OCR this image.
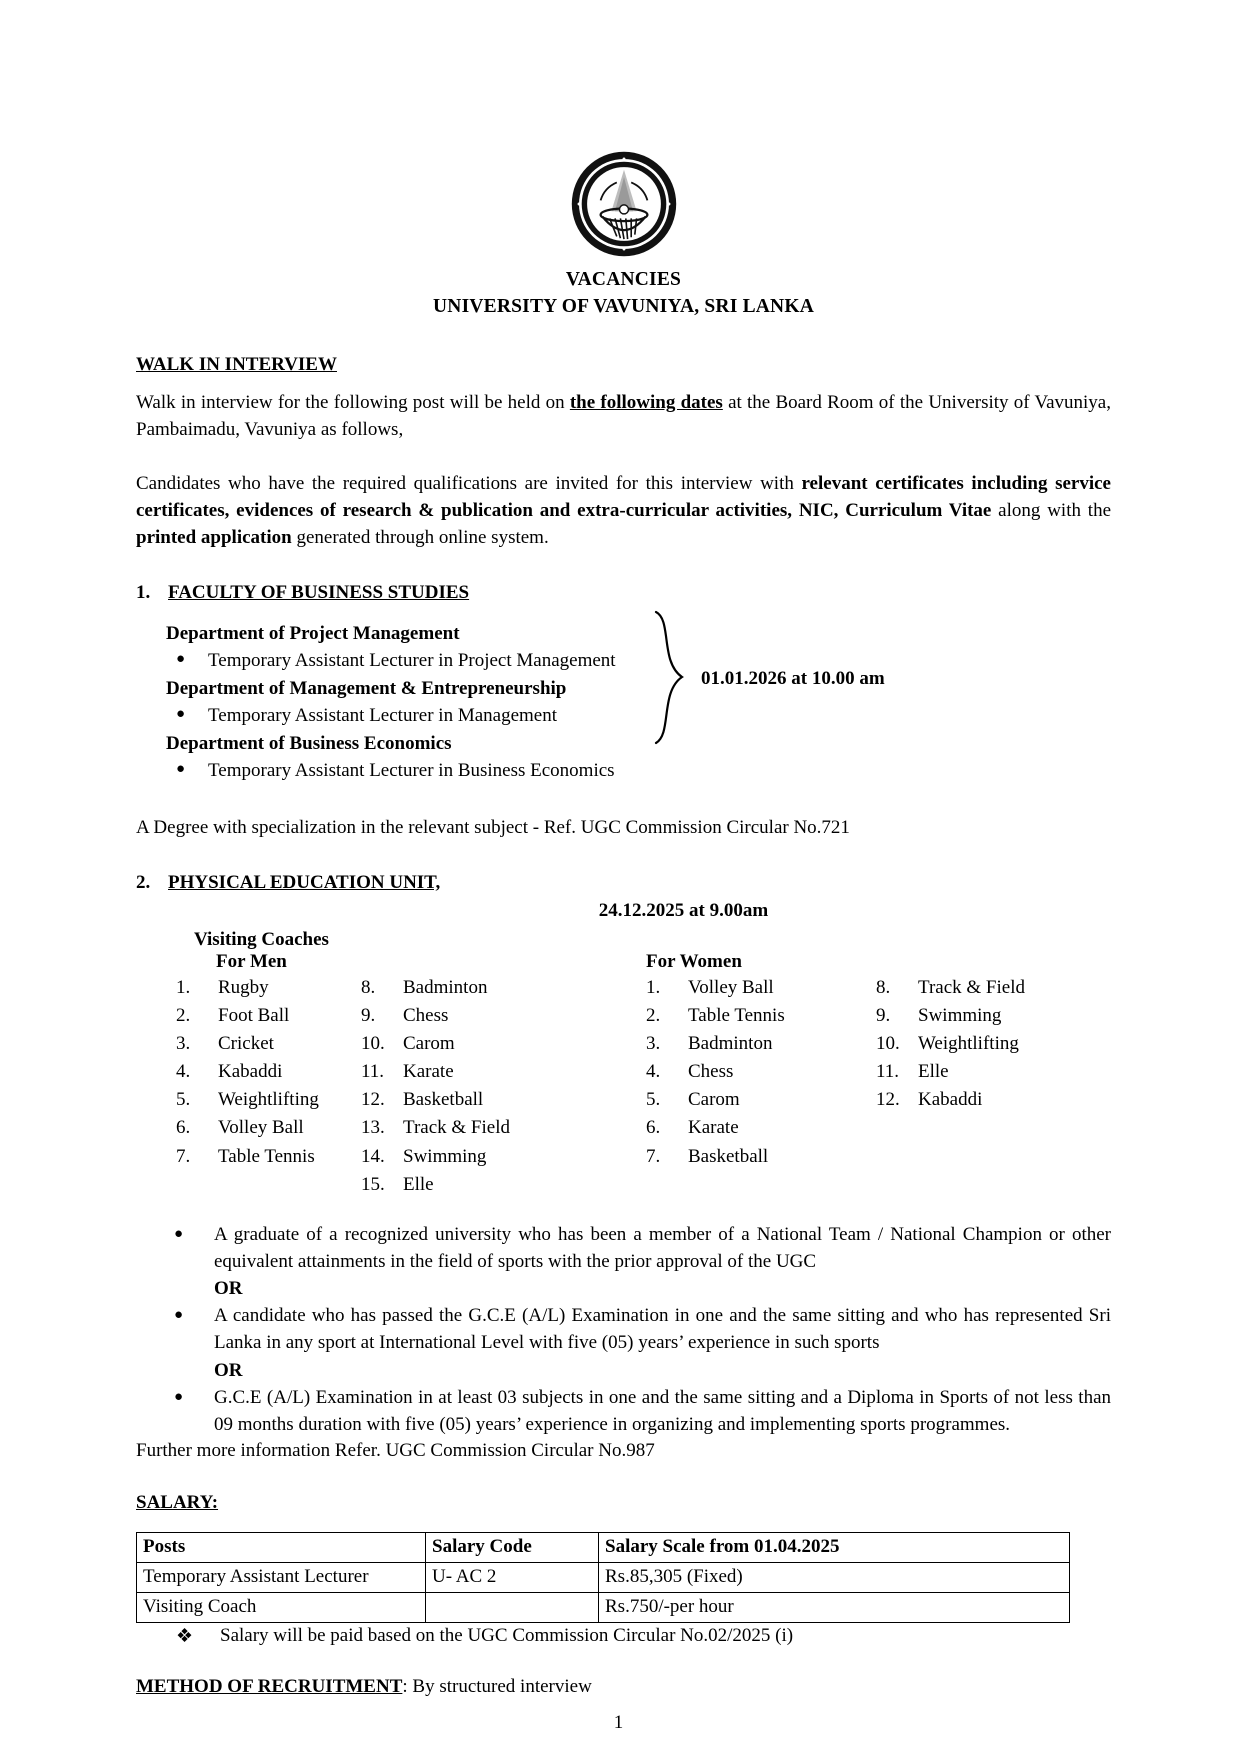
VACANCIES
UNIVERSITY OF VAVUNIYA, SRI LANKA
WALK IN INTERVIEW
Walk in interview for the following post will be held on the following dates at the Board Room of the University of Vavuniya, Pambaimadu, Vavuniya as follows,
Candidates who have the required qualifications are invited for this interview with relevant certificates including service certificates, evidences of research & publication and extra-curricular activities, NIC, Curriculum Vitae along with the printed application generated through online system.
1. FACULTY OF BUSINESS STUDIES
Department of Project Management
●	Temporary Assistant Lecturer in Project Management
Department of Management & Entrepreneurship
●	Temporary Assistant Lecturer in Management
Department of Business Economics
●	Temporary Assistant Lecturer in Business Economics
01.01.2026 at 10.00 am
A Degree with specialization in the relevant subject - Ref. UGC Commission Circular No.721
2. PHYSICAL EDUCATION UNIT,
24.12.2025 at 9.00am
Visiting Coaches
For Men
1.	Rugby
2.	Foot Ball
3.	Cricket
4.	Kabaddi
5.	Weightlifting
6.	Volley Ball
7.	Table Tennis
8.	Badminton
9.	Chess
10. Carom
11. Karate
12. Basketball
13. Track & Field
14. Swimming
15. Elle
For Women
1.	Volley Ball
2.	Table Tennis
3.	Badminton
4.	Chess
5.	Carom
6.	Karate
7.	Basketball
8.	Track & Field
9.	Swimming
10. Weightlifting
11. Elle
12. Kabaddi
●	A graduate of a recognized university who has been a member of a National Team / National Champion or other equivalent attainments in the field of sports with the prior approval of the UGC
OR
●	A candidate who has passed the G.C.E (A/L) Examination in one and the same sitting and who has represented Sri Lanka in any sport at International Level with five (05) years’ experience in such sports
OR
●	G.C.E (A/L) Examination in at least 03 subjects in one and the same sitting and a Diploma in Sports of not less than 09 months duration with five (05) years’ experience in organizing and implementing sports programmes.
Further more information Refer. UGC Commission Circular No.987
SALARY:
Posts	Salary Code	Salary Scale from 01.04.2025
Temporary Assistant Lecturer	U- AC 2	Rs.85,305 (Fixed)
Visiting Coach		Rs.750/-per hour
❖	Salary will be paid based on the UGC Commission Circular No.02/2025 (i)
METHOD OF RECRUITMENT: By structured interview
1
